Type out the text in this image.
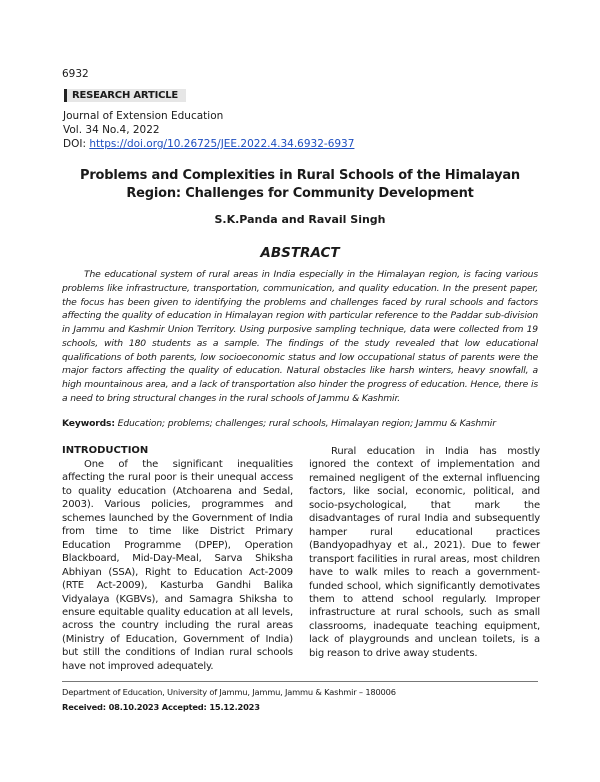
6932
RESEARCH ARTICLE
Journal of Extension Education
Vol. 34 No.4, 2022
DOI: https://doi.org/10.26725/JEE.2022.4.34.6932-6937
Problems and Complexities in Rural Schools of the Himalayan Region: Challenges for Community Development
S.K.Panda and Ravail Singh
ABSTRACT

The educational system of rural areas in India especially in the Himalayan region, is facing various problems like infrastructure, transportation, communication, and quality education. In the present paper, the focus has been given to identifying the problems and challenges faced by rural schools and factors affecting the quality of education in Himalayan region with particular reference to the Paddar sub-division in Jammu and Kashmir Union Territory. Using purposive sampling technique, data were collected from 19 schools, with 180 students as a sample. The findings of the study revealed that low educational qualifications of both parents, low socioeconomic status and low occupational status of parents were the major factors affecting the quality of education. Natural obstacles like harsh winters, heavy snowfall, a high mountainous area, and a lack of transportation also hinder the progress of education. Hence, there is a need to bring structural changes in the rural schools of Jammu & Kashmir.

Keywords: Education; problems; challenges; rural schools, Himalayan region; Jammu & Kashmir
INTRODUCTION

One of the significant inequalities affecting the rural poor is their unequal access to quality education (Atchoarena and Sedal, 2003). Various policies, programmes and schemes launched by the Government of India from time to time like District Primary Education Programme (DPEP), Operation Blackboard, Mid-Day-Meal, Sarva Shiksha Abhiyan (SSA), Right to Education Act-2009 (RTE Act-2009), Kasturba Gandhi Balika Vidyalaya (KGBVs), and Samagra Shiksha to ensure equitable quality education at all levels, across the country including the rural areas (Ministry of Education, Government of India) but still the conditions of Indian rural schools have not improved adequately.

Rural education in India has mostly ignored the context of implementation and remained negligent of the external influencing factors, like social, economic, political, and socio-psychological, that mark the disadvantages of rural India and subsequently hamper rural educational practices (Bandyopadhyay et al., 2021). Due to fewer transport facilities in rural areas, most children have to walk miles to reach a government-funded school, which significantly demotivates them to attend school regularly. Improper infrastructure at rural schools, such as small classrooms, inadequate teaching equipment, lack of playgrounds and unclean toilets, is a big reason to drive away students.

Department of Education, University of Jammu, Jammu, Jammu & Kashmir – 180006
Received: 08.10.2023 Accepted: 15.12.2023
